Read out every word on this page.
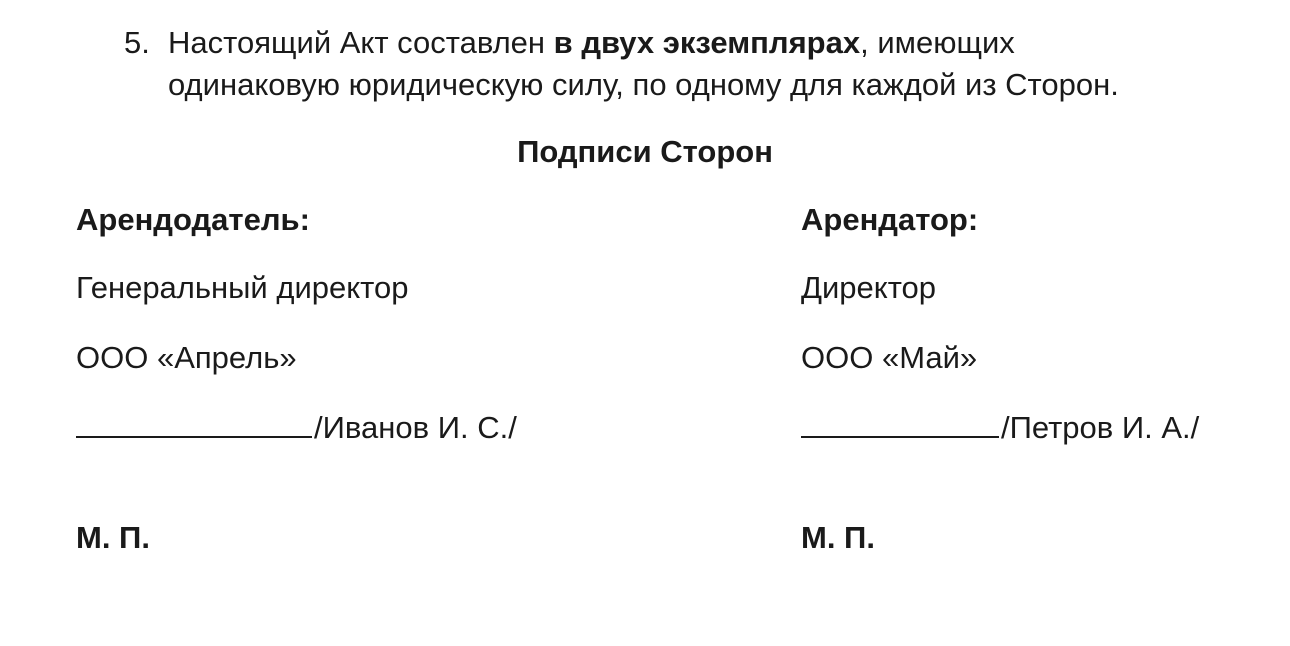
5. Настоящий Акт составлен в двух экземплярах, имеющих
одинаковую юридическую силу, по одному для каждой из Сторон.
Подписи Сторон
Арендодатель:
Генеральный директор
ООО «Апрель»
/Иванов И. С./
М. П.
Арендатор:
Директор
ООО «Май»
/Петров И. А./
М. П.
